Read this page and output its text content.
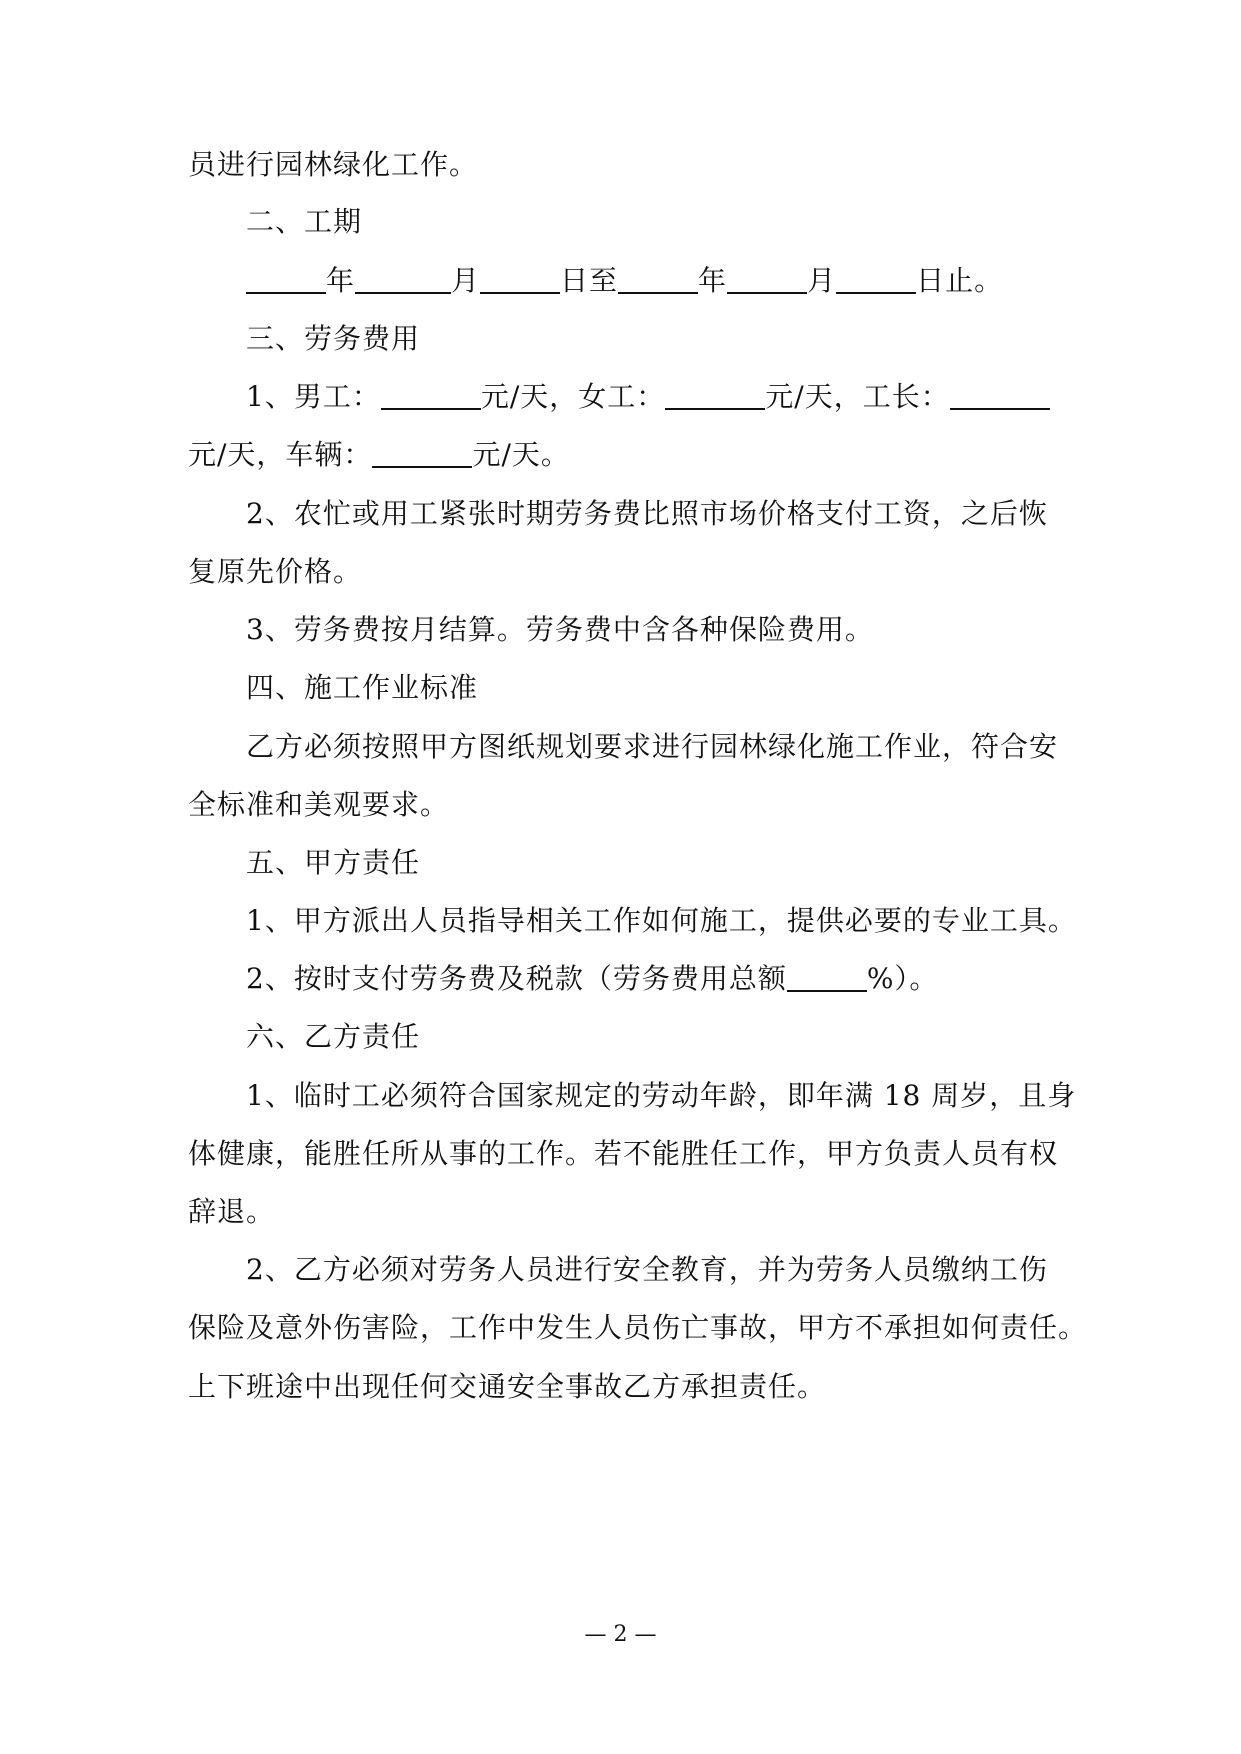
员进行园林绿化工作。
二、工期
年	月	日至	年	月	日止。
三、劳务费用
1、男工：	元/天，女工：	元/天，工长：
元/天，车辆：	元/天。
2、农忙或用工紧张时期劳务费比照市场价格支付工资，之后恢
复原先价格。
3、劳务费按月结算。劳务费中含各种保险费用。
四、施工作业标准
乙方必须按照甲方图纸规划要求进行园林绿化施工作业，符合安
全标准和美观要求。
五、甲方责任
1、甲方派出人员指导相关工作如何施工，提供必要的专业工具。
2、按时支付劳务费及税款（劳务费用总额	%）。
六、乙方责任
1、临时工必须符合国家规定的劳动年龄，即年满 18 周岁，且身
体健康，能胜任所从事的工作。若不能胜任工作，甲方负责人员有权
辞退。
2、乙方必须对劳务人员进行安全教育，并为劳务人员缴纳工伤
保险及意外伤害险，工作中发生人员伤亡事故，甲方不承担如何责任。
上下班途中出现任何交通安全事故乙方承担责任。
— 2 —
